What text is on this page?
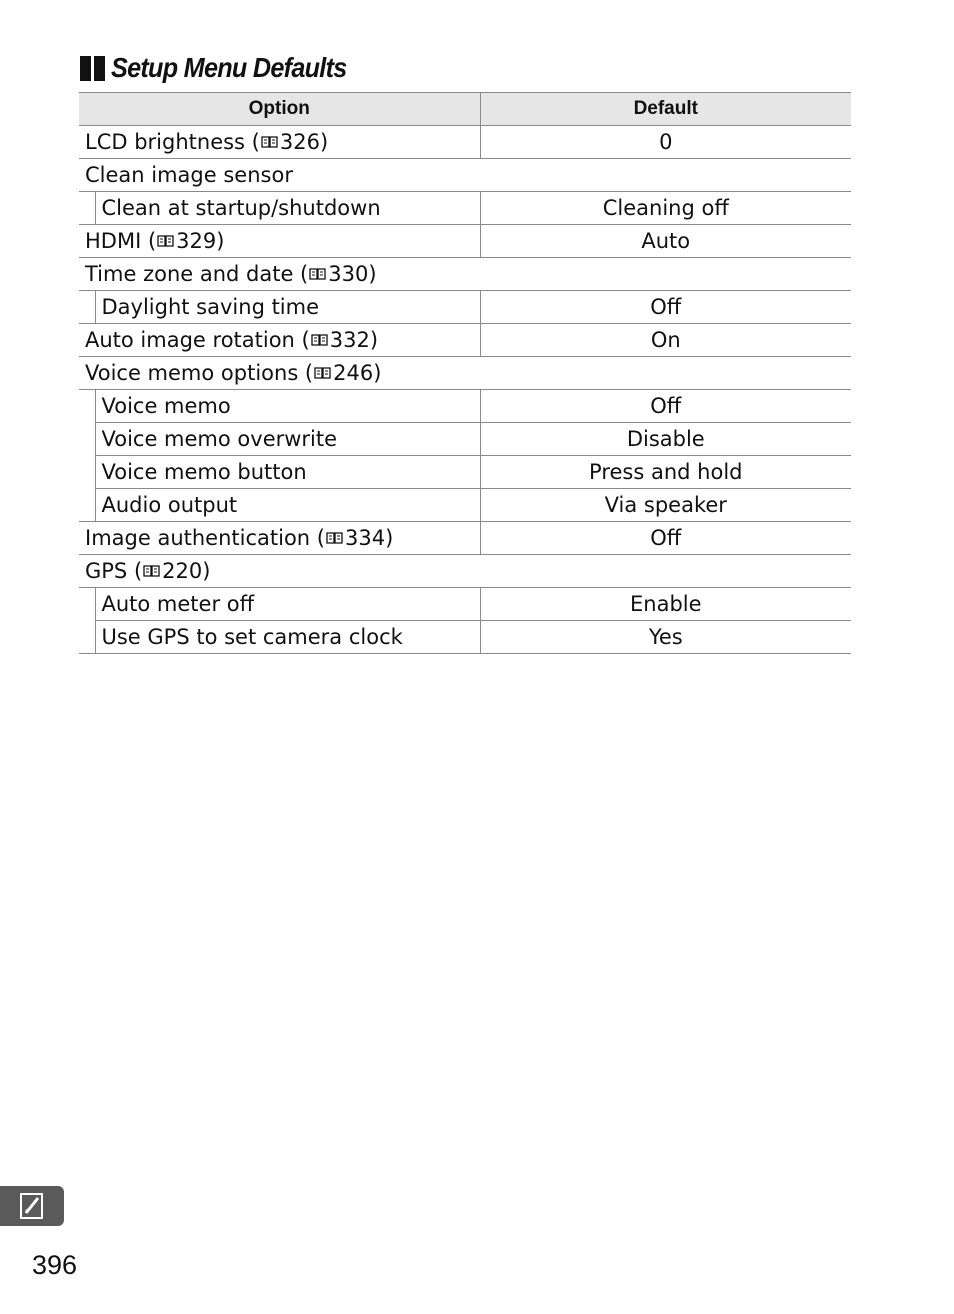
Setup Menu Defaults
Option		Default
LCD brightness ( 326)		0
Clean image sensor		
	Clean at startup/shutdown	Cleaning off
HDMI ( 329)		Auto
Time zone and date ( 330)		
	Daylight saving time	Off
Auto image rotation ( 332)		On
Voice memo options ( 246)		
	Voice memo	Off
	Voice memo overwrite	Disable
	Voice memo button	Press and hold
	Audio output	Via speaker
Image authentication ( 334)		Off
GPS ( 220)		
	Auto meter off	Enable
	Use GPS to set camera clock	Yes
396
